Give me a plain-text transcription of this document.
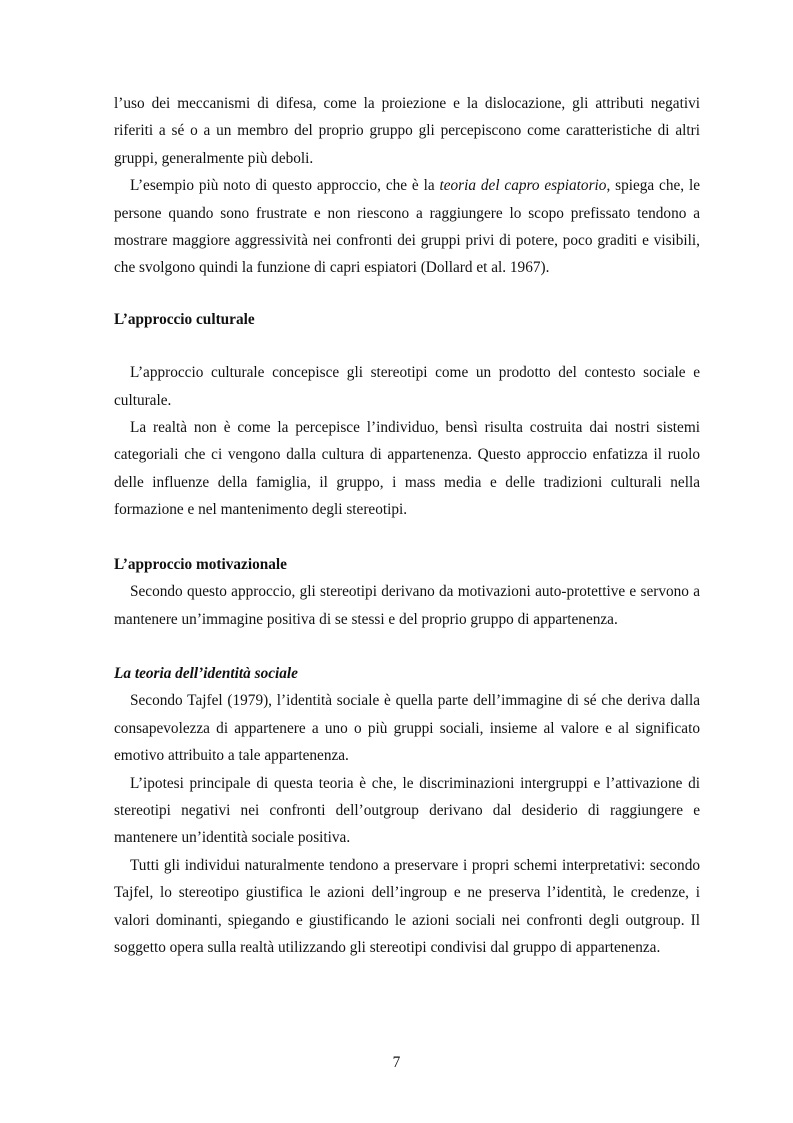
l’uso dei meccanismi di difesa, come la proiezione e la dislocazione, gli attributi negativi riferiti a sé o a un membro del proprio gruppo gli percepiscono come caratteristiche di altri gruppi, generalmente più deboli.

L’esempio più noto di questo approccio, che è la teoria del capro espiatorio, spiega che, le persone quando sono frustrate e non riescono a raggiungere lo scopo prefissato tendono a mostrare maggiore aggressività nei confronti dei gruppi privi di potere, poco graditi e visibili, che svolgono quindi la funzione di capri espiatori (Dollard et al. 1967).

L’approccio culturale

L’approccio culturale concepisce gli stereotipi come un prodotto del contesto sociale e culturale.

La realtà non è come la percepisce l’individuo, bensì risulta costruita dai nostri sistemi categoriali che ci vengono dalla cultura di appartenenza. Questo approccio enfatizza il ruolo delle influenze della famiglia, il gruppo, i mass media e delle tradizioni culturali nella formazione e nel mantenimento degli stereotipi.

L’approccio motivazionale

Secondo questo approccio, gli stereotipi derivano da motivazioni auto-protettive e servono a mantenere un’immagine positiva di se stessi e del proprio gruppo di appartenenza.

La teoria dell’identità sociale

Secondo Tajfel (1979), l’identità sociale è quella parte dell’immagine di sé che deriva dalla consapevolezza di appartenere a uno o più gruppi sociali, insieme al valore e al significato emotivo attribuito a tale appartenenza.

L’ipotesi principale di questa teoria è che, le discriminazioni intergruppi e l’attivazione di stereotipi negativi nei confronti dell’outgroup derivano dal desiderio di raggiungere e mantenere un’identità sociale positiva.

Tutti gli individui naturalmente tendono a preservare i propri schemi interpretativi: secondo Tajfel, lo stereotipo giustifica le azioni dell’ingroup e ne preserva l’identità, le credenze, i valori dominanti, spiegando e giustificando le azioni sociali nei confronti degli outgroup. Il soggetto opera sulla realtà utilizzando gli stereotipi condivisi dal gruppo di appartenenza.

7
